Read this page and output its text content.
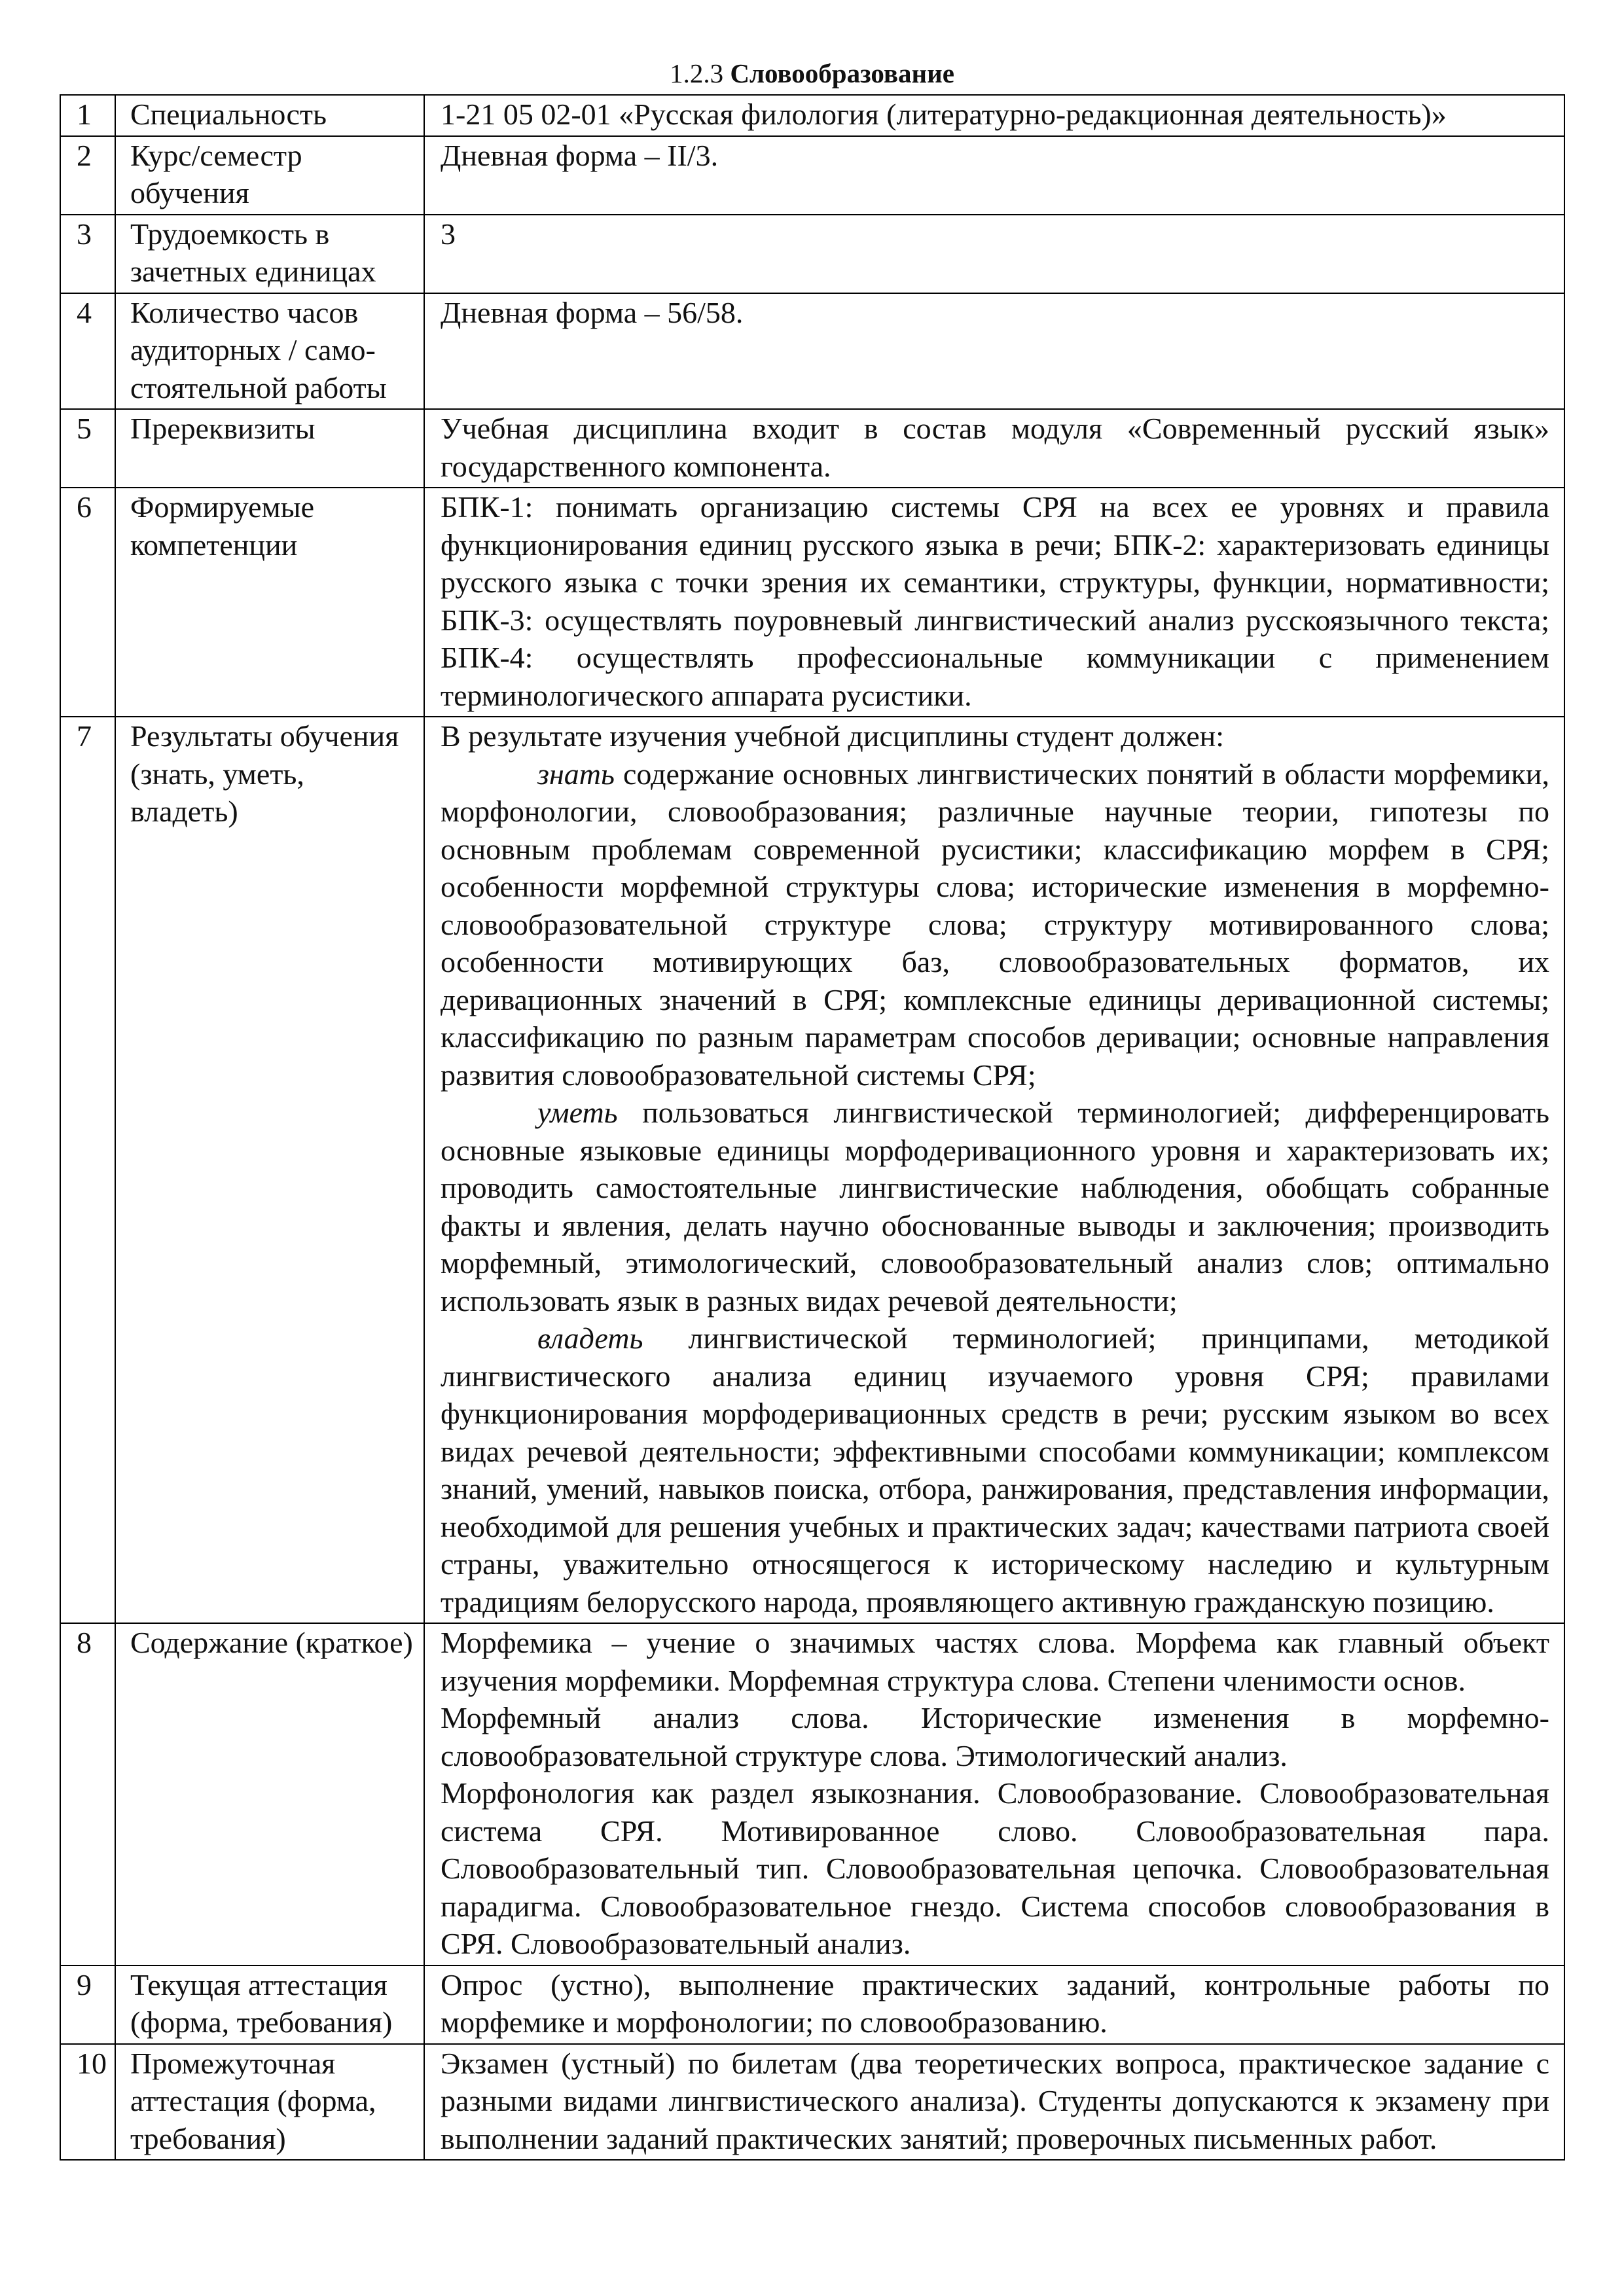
1.2.3 Словообразование
1	Специальность	1-21 05 02-01 «Русская филология (литературно-редакционная деятельность)»
2	Курс/семестр обучения	Дневная форма – II/3.
3	Трудоемкость в зачетных единицах	3
4	Количество часов аудиторных / само-стоятельной работы	Дневная форма – 56/58.
5	Пререквизиты	Учебная дисциплина входит в состав модуля «Современный русский язык» государственного компонента.
6	Формируемые компетенции	БПК-1: понимать организацию системы СРЯ на всех ее уровнях и правила функционирования единиц русского языка в речи; БПК-2: характеризовать единицы русского языка с точки зрения их семантики, структуры, функции, нормативности; БПК-3: осуществлять поуровневый лингвистический анализ русскоязычного текста; БПК-4: осуществлять профессиональные коммуникации с применением терминологического аппарата русистики.
7	Результаты обучения (знать, уметь, владеть)	В результате изучения учебной дисциплины студент должен:

знать содержание основных лингвистических понятий в области морфемики, морфонологии, словообразования; различные научные теории, гипотезы по основным проблемам современной русистики; классификацию морфем в СРЯ; особенности морфемной структуры слова; исторические изменения в морфемно-словообразовательной структуре слова; структуру мотивированного слова; особенности мотивирующих баз, словообразовательных форматов, их деривационных значений в СРЯ; комплексные единицы деривационной системы; классификацию по разным параметрам способов деривации; основные направления развития словообразовательной системы СРЯ;

уметь пользоваться лингвистической терминологией; дифференцировать основные языковые единицы морфодеривационного уровня и характеризовать их; проводить самостоятельные лингвистические наблюдения, обобщать собранные факты и явления, делать научно обоснованные выводы и заключения; производить морфемный, этимологический, словообразовательный анализ слов; оптимально использовать язык в разных видах речевой деятельности;

владеть лингвистической терминологией; принципами, методикой лингвистического анализа единиц изучаемого уровня СРЯ; правилами функционирования морфодеривационных средств в речи; русским языком во всех видах речевой деятельности; эффективными способами коммуникации; комплексом знаний, умений, навыков поиска, отбора, ранжирования, представления информации, необходимой для решения учебных и практических задач; качествами патриота своей страны, уважительно относящегося к историческому наследию и культурным традициям белорусского народа, проявляющего активную гражданскую позицию.

8	Содержание (краткое)	Морфемика – учение о значимых частях слова. Морфема как главный объект изучения морфемики. Морфемная структура слова. Степени членимости основ.

Морфемный анализ слова. Исторические изменения в морфемно-словообразовательной структуре слова. Этимологический анализ.

Морфонология как раздел языкознания. Словообразование. Словообразовательная система СРЯ. Мотивированное слово. Словообразовательная пара. Словообразовательный тип. Словообразовательная цепочка. Словообразовательная парадигма. Словообразовательное гнездо. Система способов словообразования в СРЯ. Словообразовательный анализ.

9	Текущая аттестация (форма, требования)	Опрос (устно), выполнение практических заданий, контрольные работы по морфемике и морфонологии; по словообразованию.
10	Промежуточная аттестация (форма, требования)	Экзамен (устный) по билетам (два теоретических вопроса, практическое задание с разными видами лингвистического анализа). Студенты допускаются к экзамену при выполнении заданий практических занятий; проверочных письменных работ.
